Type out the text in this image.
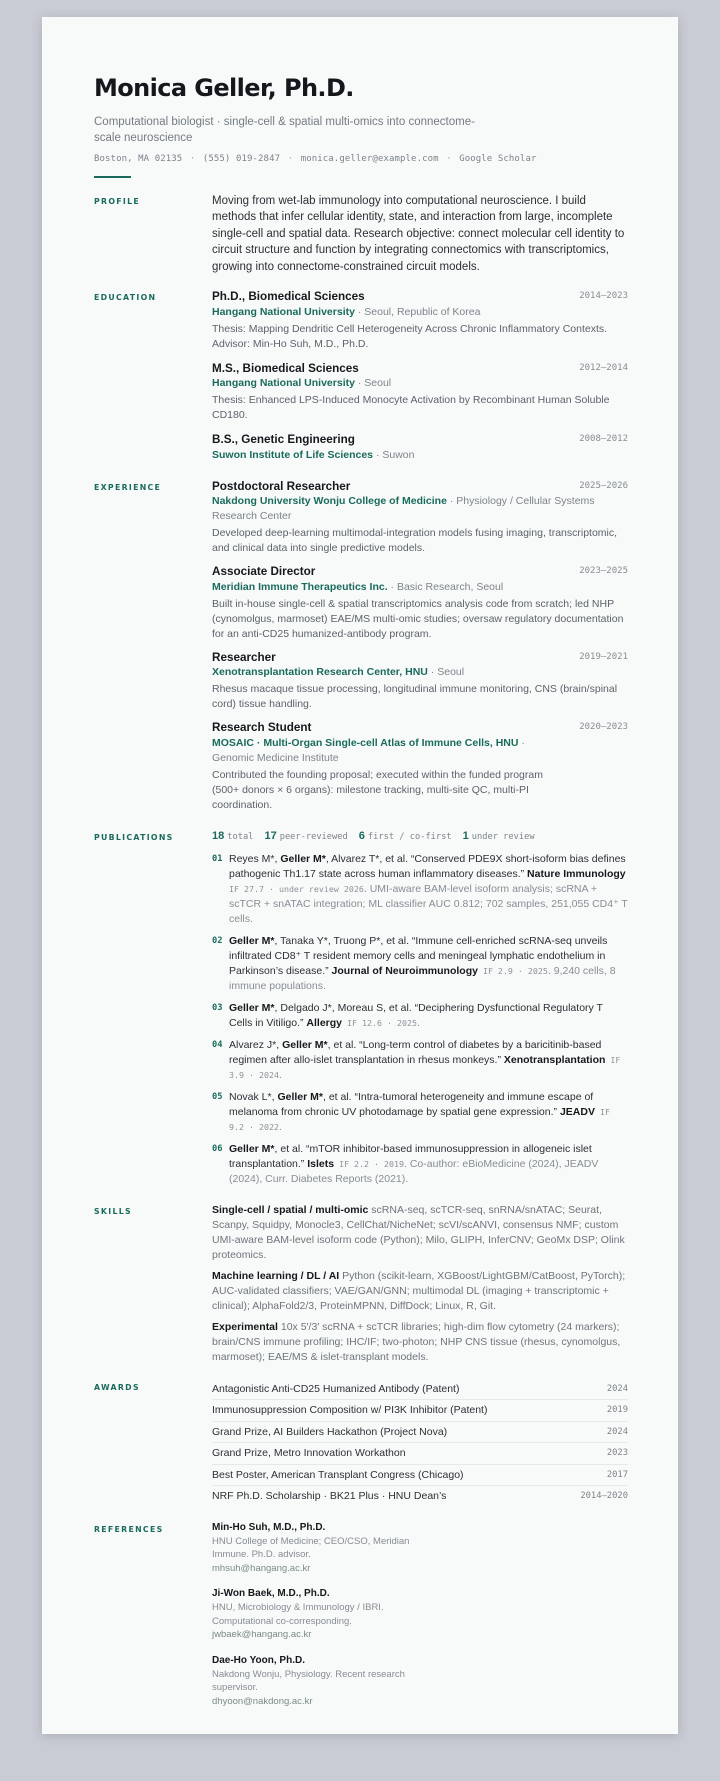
Monica Geller, Ph.D.
Computational biologist · single-cell & spatial multi-omics into connectome-scale neuroscience
Boston, MA 02135 · (555) 019-2847 · monica.geller@example.com · Google Scholar
PROFILE	Moving from wet-lab immunology into computational neuroscience. I build methods that infer cellular identity, state, and interaction from large, incomplete single-cell and spatial data. Research objective: connect molecular cell identity to circuit structure and function by integrating connectomics with transcriptomics, growing into connectome-constrained circuit models.
EDUCATION	Ph.D., Biomedical Sciences	2014–2023
Hangang National University · Seoul, Republic of Korea
Thesis: Mapping Dendritic Cell Heterogeneity Across Chronic Inflammatory Contexts. Advisor: Min-Ho Suh, M.D., Ph.D.
M.S., Biomedical Sciences	2012–2014
Hangang National University · Seoul
Thesis: Enhanced LPS-Induced Monocyte Activation by Recombinant Human Soluble CD180.
B.S., Genetic Engineering	2008–2012
Suwon Institute of Life Sciences · Suwon
EXPERIENCE	Postdoctoral Researcher	2025–2026
Nakdong University Wonju College of Medicine · Physiology / Cellular Systems Research Center
Developed deep-learning multimodal-integration models fusing imaging, transcriptomic, and clinical data into single predictive models.
Associate Director	2023–2025
Meridian Immune Therapeutics Inc. · Basic Research, Seoul
Built in-house single-cell & spatial transcriptomics analysis code from scratch; led NHP (cynomolgus, marmoset) EAE/MS multi-omic studies; oversaw regulatory documentation for an anti-CD25 humanized-antibody program.
Researcher	2019–2021
Xenotransplantation Research Center, HNU · Seoul
Rhesus macaque tissue processing, longitudinal immune monitoring, CNS (brain/spinal cord) tissue handling.
Research Student	2020–2023
MOSAIC · Multi-Organ Single-cell Atlas of Immune Cells, HNU · Genomic Medicine Institute
Contributed the founding proposal; executed within the funded program (500+ donors × 6 organs): milestone tracking, multi-site QC, multi-PI coordination.
PUBLICATIONS	18 total 17 peer-reviewed 6 first / co-first 1 under review
01 Reyes M*, Geller M*, Alvarez T*, et al. “Conserved PDE9X short-isoform bias defines pathogenic Th1.17 state across human inflammatory diseases.” Nature Immunology IF 27.7 · under review 2026. UMI-aware BAM-level isoform analysis; scRNA + scTCR + snATAC integration; ML classifier AUC 0.812; 702 samples, 251,055 CD4⁺ T cells.
02 Geller M*, Tanaka Y*, Truong P*, et al. “Immune cell-enriched scRNA-seq unveils infiltrated CD8⁺ T resident memory cells and meningeal lymphatic endothelium in Parkinson’s disease.” Journal of Neuroimmunology IF 2.9 · 2025. 9,240 cells, 8 immune populations.
03 Geller M*, Delgado J*, Moreau S, et al. “Deciphering Dysfunctional Regulatory T Cells in Vitiligo.” Allergy IF 12.6 · 2025.
04 Alvarez J*, Geller M*, et al. “Long-term control of diabetes by a baricitinib-based regimen after allo-islet transplantation in rhesus monkeys.” Xenotransplantation IF 3.9 · 2024.
05 Novak L*, Geller M*, et al. “Intra-tumoral heterogeneity and immune escape of melanoma from chronic UV photodamage by spatial gene expression.” JEADV IF 9.2 · 2022.
06 Geller M*, et al. “mTOR inhibitor-based immunosuppression in allogeneic islet transplantation.” Islets IF 2.2 · 2019. Co-author: eBioMedicine (2024), JEADV (2024), Curr. Diabetes Reports (2021).
SKILLS	Single-cell / spatial / multi-omic scRNA-seq, scTCR-seq, snRNA/snATAC; Seurat, Scanpy, Squidpy, Monocle3, CellChat/NicheNet; scVI/scANVI, consensus NMF; custom UMI-aware BAM-level isoform code (Python); Milo, GLIPH, InferCNV; GeoMx DSP; Olink proteomics.
Machine learning / DL / AI Python (scikit-learn, XGBoost/LightGBM/CatBoost, PyTorch); AUC-validated classifiers; VAE/GAN/GNN; multimodal DL (imaging + transcriptomic + clinical); AlphaFold2/3, ProteinMPNN, DiffDock; Linux, R, Git.
Experimental 10x 5′/3′ scRNA + scTCR libraries; high-dim flow cytometry (24 markers); brain/CNS immune profiling; IHC/IF; two-photon; NHP CNS tissue (rhesus, cynomolgus, marmoset); EAE/MS & islet-transplant models.
AWARDS	Antagonistic Anti-CD25 Humanized Antibody (Patent)	2024
Immunosuppression Composition w/ PI3K Inhibitor (Patent)	2019
Grand Prize, AI Builders Hackathon (Project Nova)	2024
Grand Prize, Metro Innovation Workathon	2023
Best Poster, American Transplant Congress (Chicago)	2017
NRF Ph.D. Scholarship · BK21 Plus · HNU Dean’s	2014–2020
REFERENCES	Min-Ho Suh, M.D., Ph.D.
HNU College of Medicine; CEO/CSO, Meridian Immune. Ph.D. advisor.
mhsuh@hangang.ac.kr
Ji-Won Baek, M.D., Ph.D.
HNU, Microbiology & Immunology / IBRI. Computational co-corresponding.
jwbaek@hangang.ac.kr
Dae-Ho Yoon, Ph.D.
Nakdong Wonju, Physiology. Recent research supervisor.
dhyoon@nakdong.ac.kr
